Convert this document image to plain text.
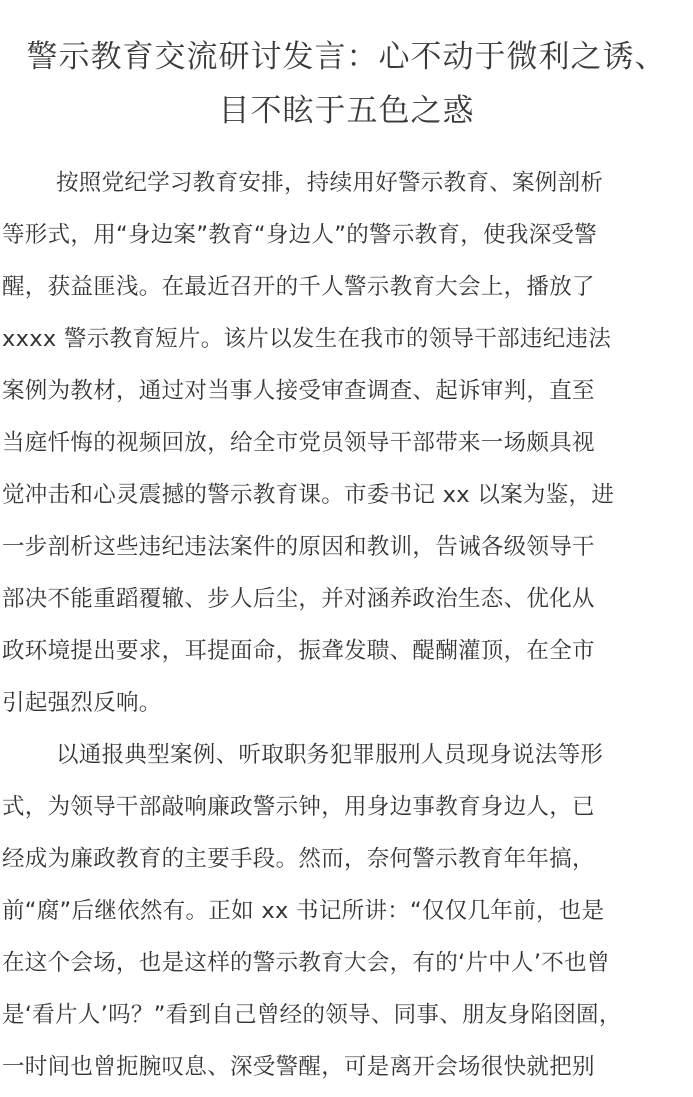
警示教育交流研讨发言：心不动于微利之诱、
目不眩于五色之惑
按照党纪学习教育安排，持续用好警示教育、案例剖析
等形式，用“身边案”教育“身边人”的警示教育，使我深受警
醒，获益匪浅。在最近召开的千人警示教育大会上，播放了
xxxx 警示教育短片。该片以发生在我市的领导干部违纪违法
案例为教材，通过对当事人接受审查调查、起诉审判，直至
当庭忏悔的视频回放，给全市党员领导干部带来一场颇具视
觉冲击和心灵震撼的警示教育课。市委书记 xx 以案为鉴，进
一步剖析这些违纪违法案件的原因和教训，告诫各级领导干
部决不能重蹈覆辙、步人后尘，并对涵养政治生态、优化从
政环境提出要求，耳提面命，振聋发聩、醍醐灌顶，在全市
引起强烈反响。
以通报典型案例、听取职务犯罪服刑人员现身说法等形
式，为领导干部敲响廉政警示钟，用身边事教育身边人，已
经成为廉政教育的主要手段。然而，奈何警示教育年年搞，
前“腐”后继依然有。正如 xx 书记所讲：“仅仅几年前，也是
在这个会场，也是这样的警示教育大会，有的‘片中人’不也曾
是‘看片人’吗？”看到自己曾经的领导、同事、朋友身陷囹圄，
一时间也曾扼腕叹息、深受警醒，可是离开会场很快就把别
